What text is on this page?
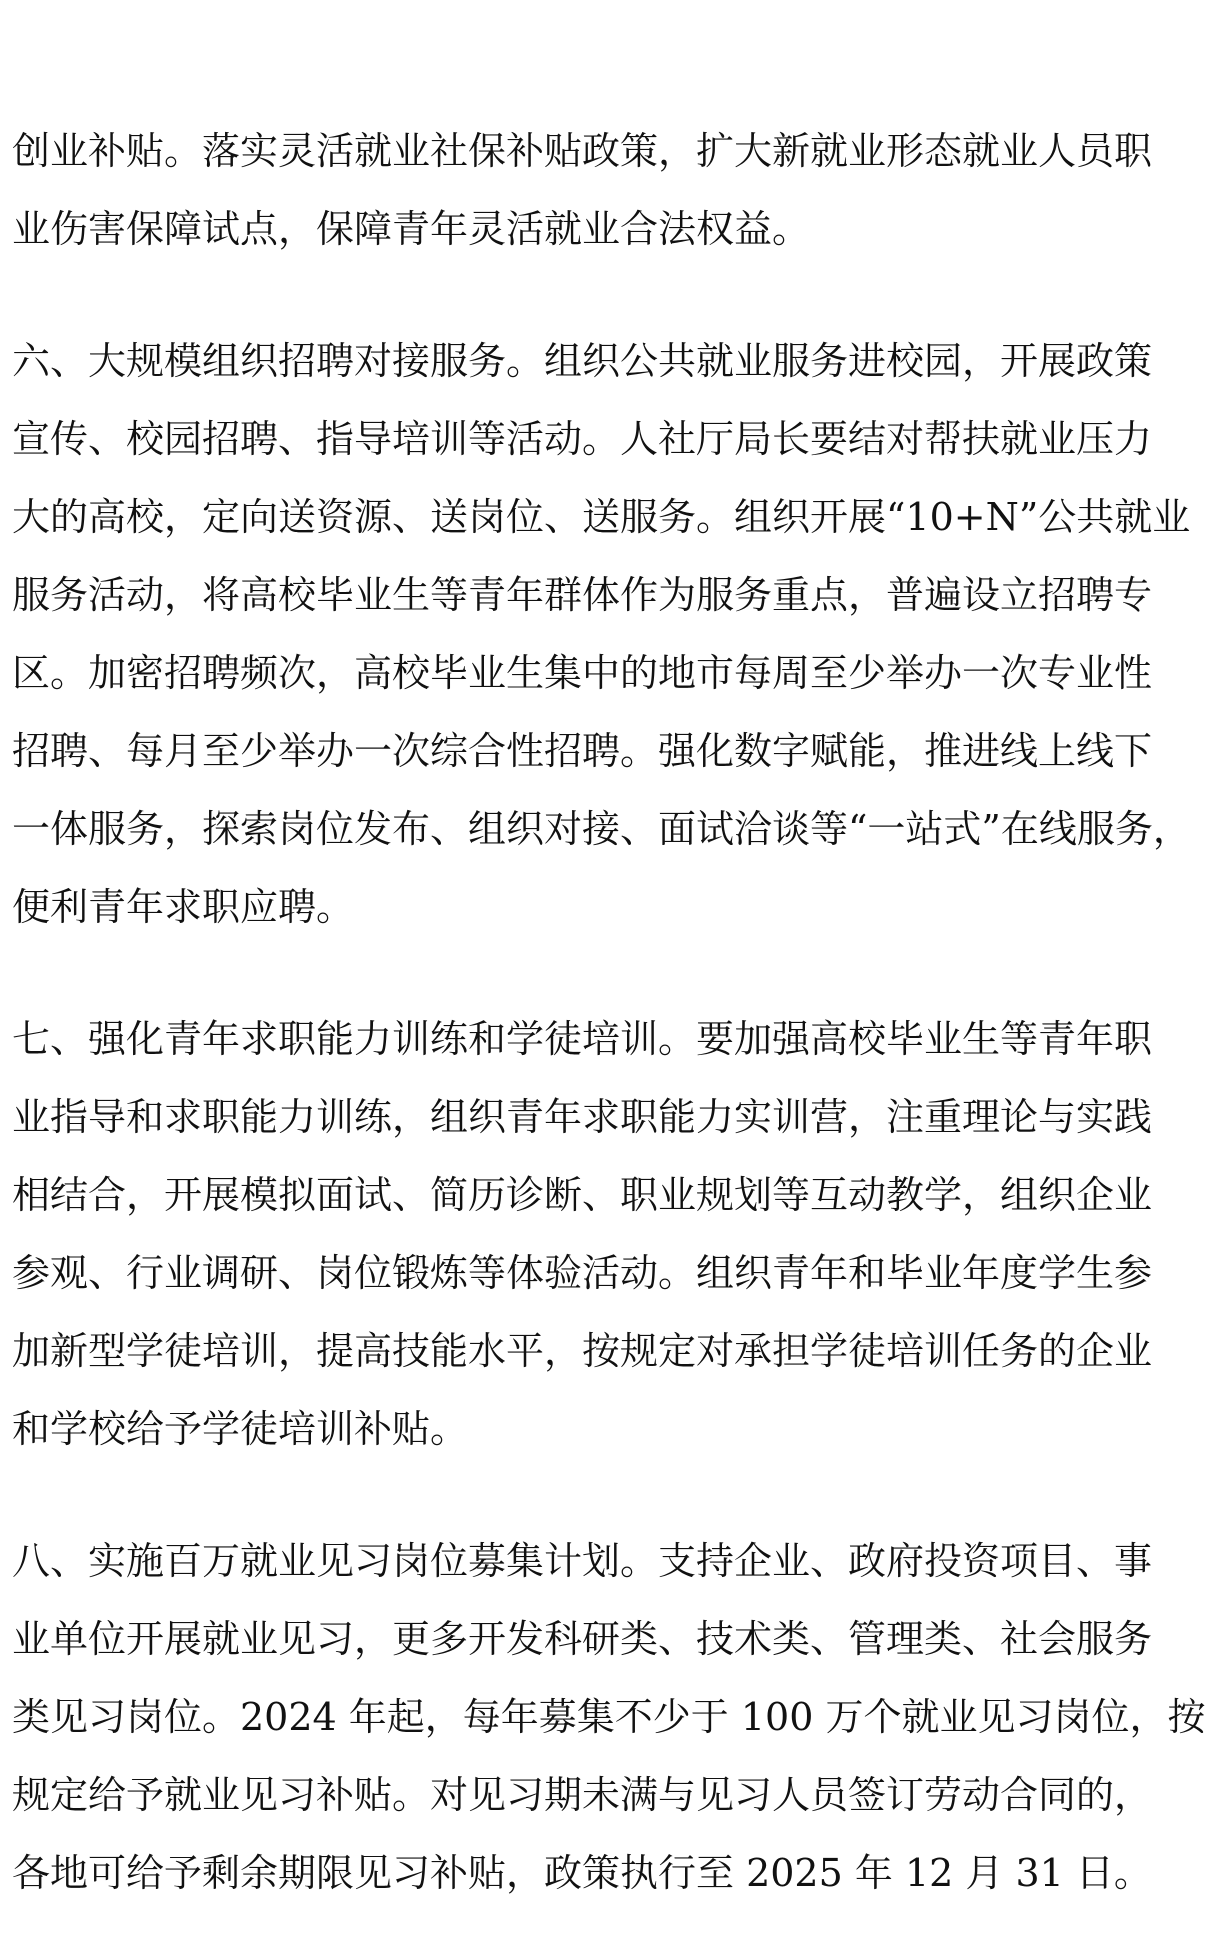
创业补贴。落实灵活就业社保补贴政策，扩大新就业形态就业人员职
业伤害保障试点，保障青年灵活就业合法权益。

六、大规模组织招聘对接服务。组织公共就业服务进校园，开展政策
宣传、校园招聘、指导培训等活动。人社厅局长要结对帮扶就业压力
大的高校，定向送资源、送岗位、送服务。组织开展“10+N”公共就业
服务活动，将高校毕业生等青年群体作为服务重点，普遍设立招聘专
区。加密招聘频次，高校毕业生集中的地市每周至少举办一次专业性
招聘、每月至少举办一次综合性招聘。强化数字赋能，推进线上线下
一体服务，探索岗位发布、组织对接、面试洽谈等“一站式”在线服务，
便利青年求职应聘。

七、强化青年求职能力训练和学徒培训。要加强高校毕业生等青年职
业指导和求职能力训练，组织青年求职能力实训营，注重理论与实践
相结合，开展模拟面试、简历诊断、职业规划等互动教学，组织企业
参观、行业调研、岗位锻炼等体验活动。组织青年和毕业年度学生参
加新型学徒培训，提高技能水平，按规定对承担学徒培训任务的企业
和学校给予学徒培训补贴。

八、实施百万就业见习岗位募集计划。支持企业、政府投资项目、事
业单位开展就业见习，更多开发科研类、技术类、管理类、社会服务
类见习岗位。2024 年起，每年募集不少于 100 万个就业见习岗位，按
规定给予就业见习补贴。对见习期未满与见习人员签订劳动合同的，
各地可给予剩余期限见习补贴，政策执行至 2025 年 12 月 31 日。
